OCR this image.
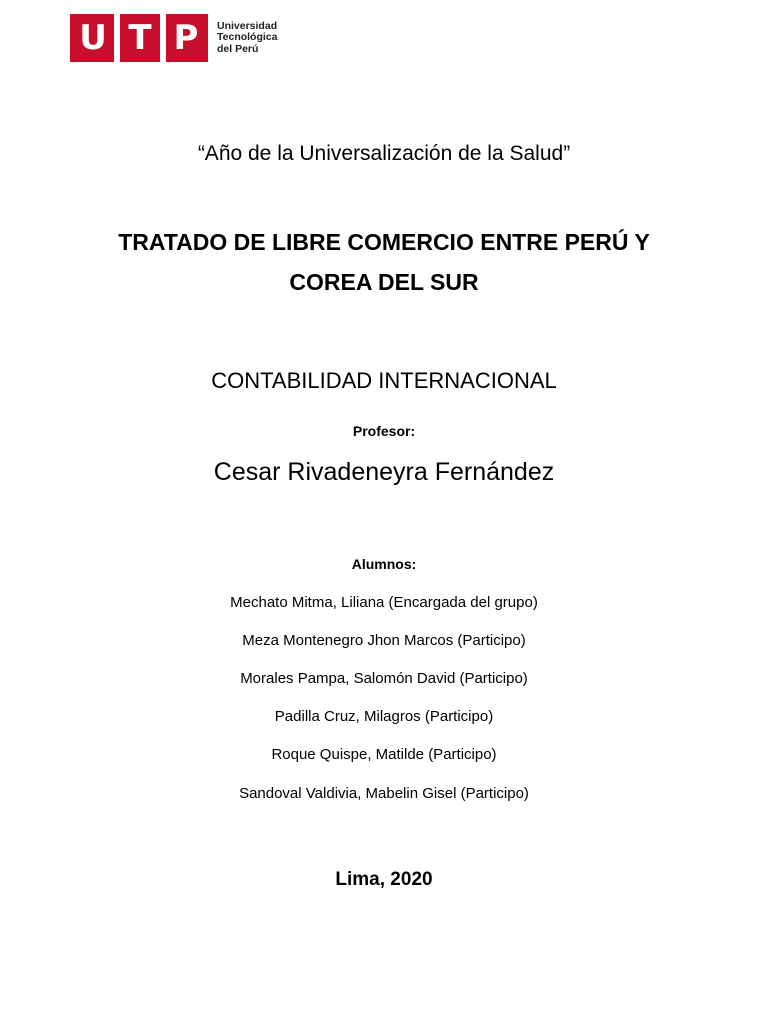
U T P	Universidad
Tecnológica
del Perú
“Año de la Universalización de la Salud”
TRATADO DE LIBRE COMERCIO ENTRE PERÚ Y
COREA DEL SUR
CONTABILIDAD INTERNACIONAL
Profesor:
Cesar Rivadeneyra Fernández
Alumnos:
Mechato Mitma, Liliana (Encargada del grupo)
Meza Montenegro Jhon Marcos (Participo)
Morales Pampa, Salomón David (Participo)
Padilla Cruz, Milagros (Participo)
Roque Quispe, Matilde (Participo)
Sandoval Valdivia, Mabelin Gisel (Participo)
Lima, 2020
